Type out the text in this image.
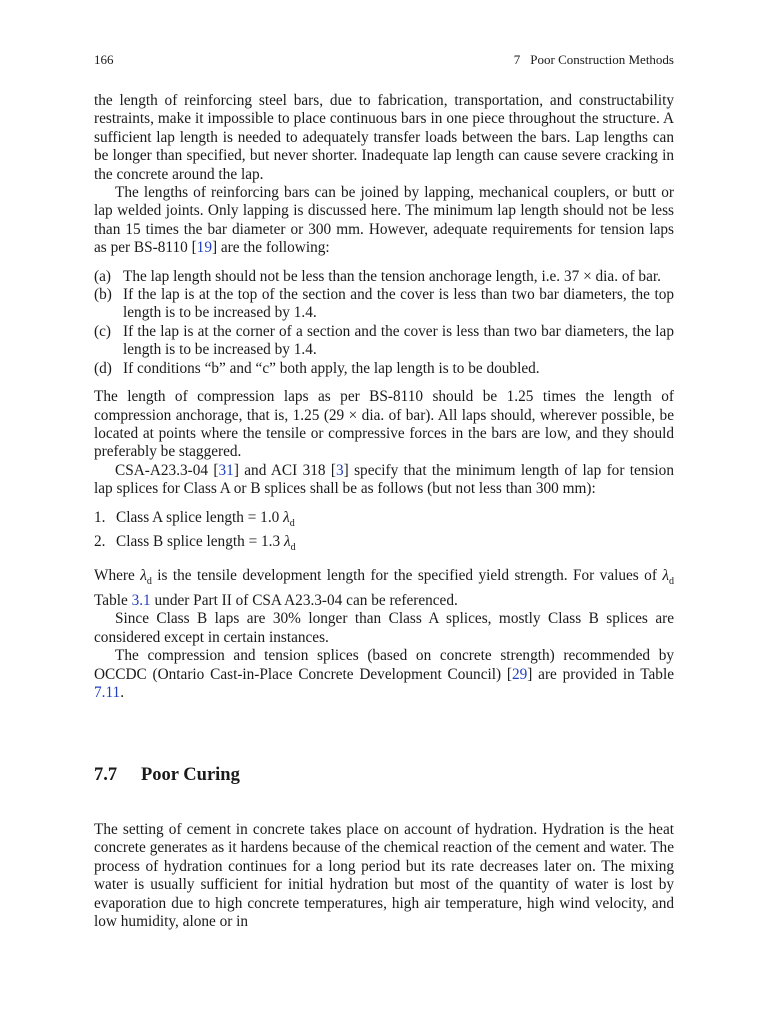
166	7 Poor Construction Methods

the length of reinforcing steel bars, due to fabrication, transportation, and constructability restraints, make it impossible to place continuous bars in one piece throughout the structure. A sufficient lap length is needed to adequately transfer loads between the bars. Lap lengths can be longer than specified, but never shorter. Inadequate lap length can cause severe cracking in the concrete around the lap.

The lengths of reinforcing bars can be joined by lapping, mechanical couplers, or butt or lap welded joints. Only lapping is discussed here. The minimum lap length should not be less than 15 times the bar diameter or 300 mm. However, adequate requirements for tension laps as per BS-8110 [19] are the following:

(a) The lap length should not be less than the tension anchorage length, i.e. 37 × dia. of bar.
(b) If the lap is at the top of the section and the cover is less than two bar diameters, the top length is to be increased by 1.4.
(c) If the lap is at the corner of a section and the cover is less than two bar diameters, the lap length is to be increased by 1.4.
(d) If conditions “b” and “c” both apply, the lap length is to be doubled.

The length of compression laps as per BS-8110 should be 1.25 times the length of compression anchorage, that is, 1.25 (29 × dia. of bar). All laps should, wherever possible, be located at points where the tensile or compressive forces in the bars are low, and they should preferably be staggered.

CSA-A23.3-04 [31] and ACI 318 [3] specify that the minimum length of lap for tension lap splices for Class A or B splices shall be as follows (but not less than 300 mm):

1. Class A splice length = 1.0 $\lambda_d$
2. Class B splice length = 1.3 $\lambda_d$

Where $\lambda_d$ is the tensile development length for the specified yield strength. For values of $\lambda_d$ Table 3.1 under Part II of CSA A23.3-04 can be referenced.

Since Class B laps are 30% longer than Class A splices, mostly Class B splices are considered except in certain instances.

The compression and tension splices (based on concrete strength) recommended by OCCDC (Ontario Cast-in-Place Concrete Development Council) [29] are provided in Table 7.11.

7.7 Poor Curing

The setting of cement in concrete takes place on account of hydration. Hydration is the heat concrete generates as it hardens because of the chemical reaction of the cement and water. The process of hydration continues for a long period but its rate decreases later on. The mixing water is usually sufficient for initial hydration but most of the quantity of water is lost by evaporation due to high concrete temperatures, high air temperature, high wind velocity, and low humidity, alone or in
